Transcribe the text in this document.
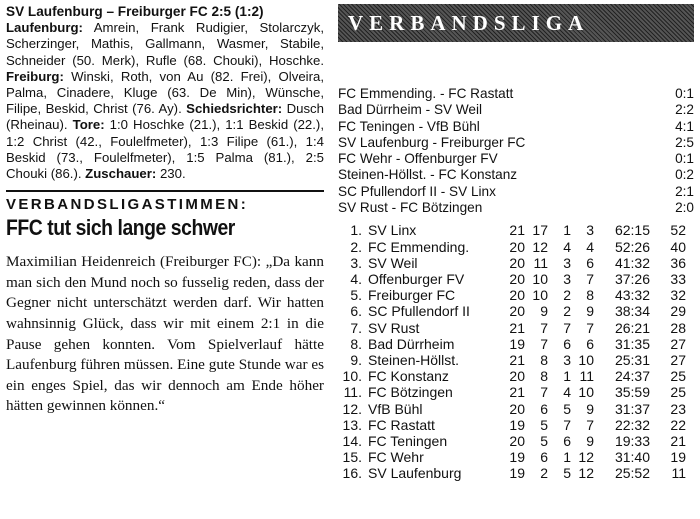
SV Laufenburg – Freiburger FC 2:5 (1:2)
Laufenburg: Amrein, Frank Rudigier, Stolarczyk, Scherzinger, Mathis, Gallmann, Wasmer, Stabile, Schneider (50. Merk), Rufle (68. Chouki), Hoschke. Freiburg: Winski, Roth, von Au (82. Frei), Olveira, Palma, Cinadere, Kluge (63. De Min), Wünsche, Filipe, Beskid, Christ (76. Ay). Schiedsrichter: Dusch (Rheinau). Tore: 1:0 Hoschke (21.), 1:1 Beskid (22.), 1:2 Christ (42., Foulelfmeter), 1:3 Filipe (61.), 1:4 Beskid (73., Foulelfmeter), 1:5 Palma (81.), 2:5 Chouki (86.). Zuschauer: 230.
VERBANDSLIGASTIMMEN:
FFC tut sich lange schwer
Maximilian Heidenreich (Freiburger FC): „Da kann man sich den Mund noch so fusselig reden, dass der Gegner nicht unterschätzt werden darf. Wir hatten wahnsinnig Glück, dass wir mit einem 2:1 in die Pause gehen konnten. Vom Spielverlauf hätte Laufenburg führen müssen. Eine gute Stunde war es ein enges Spiel, das wir dennoch am Ende höher hätten gewinnen können.“
VERBANDSLIGA
FC Emmending. - FC Rastatt	0:1
Bad Dürrheim - SV Weil	2:2
FC Teningen - VfB Bühl	4:1
SV Laufenburg - Freiburger FC	2:5
FC Wehr - Offenburger FV	0:1
Steinen-Höllst. - FC Konstanz	0:2
SC Pfullendorf II - SV Linx	2:1
SV Rust - FC Bötzingen	2:0
1. SV Linx	21 17	1	3	62:15	52
2. FC Emmending.	20 12	4	4	52:26	40
3. SV Weil	20 11	3	6	41:32	36
4. Offenburger FV	20 10	3	7	37:26	33
5. Freiburger FC	20 10	2	8	43:32	32
6. SC Pfullendorf II	20	9	2	9	38:34	29
7. SV Rust	21	7	7	7	26:21	28
8. Bad Dürrheim	19	7	6	6	31:35	27
9. Steinen-Höllst.	21	8	3 10	25:31	27
10. FC Konstanz	20	8	1 11	24:37	25
11. FC Bötzingen	21	7	4 10	35:59	25
12. VfB Bühl	20	6	5	9	31:37	23
13. FC Rastatt	19	5	7	7	22:32	22
14. FC Teningen	20	5	6	9	19:33	21
15. FC Wehr	19	6	1 12	31:40	19
16. SV Laufenburg	19	2	5 12	25:52	11
